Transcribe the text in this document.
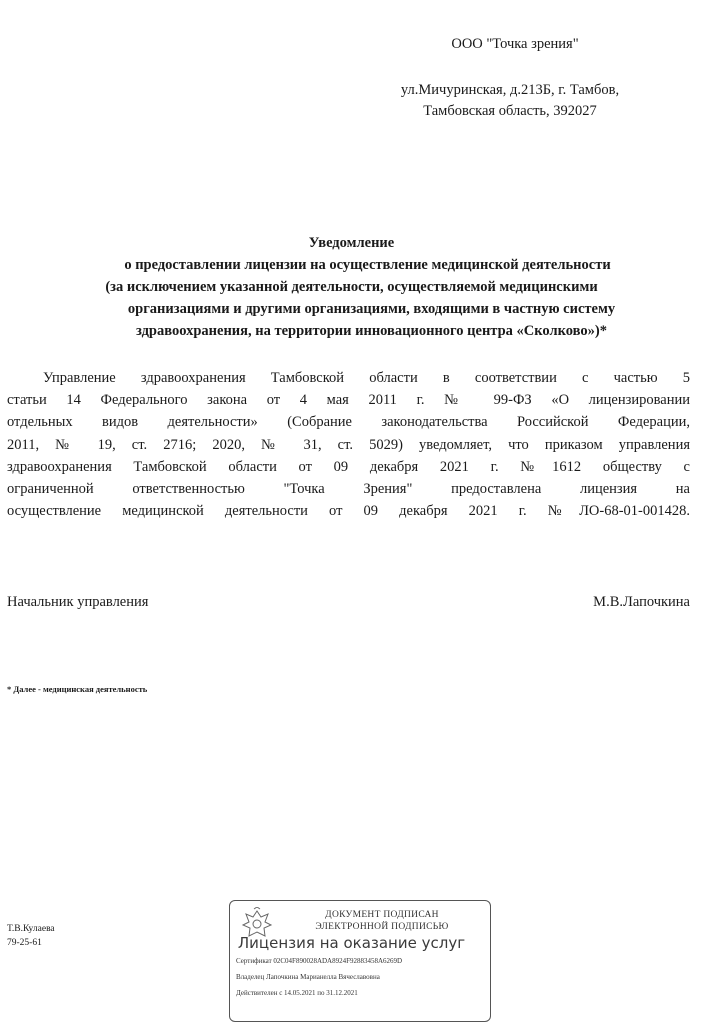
ООО "Точка зрения"
ул.Мичуринская, д.213Б, г. Тамбов,
Тамбовская область, 392027
Уведомление
о предоставлении лицензии на осуществление медицинской деятельности
(за исключением указанной деятельности, осуществляемой медицинскими
организациями и другими организациями, входящими в частную систему
здравоохранения, на территории инновационного центра «Сколково»)*
Управление здравоохранения Тамбовской области в соответствии с частью 5
статьи 14 Федерального закона от 4 мая 2011 г. № 99-ФЗ «О лицензировании
отдельных видов деятельности» (Собрание законодательства Российской Федерации,
2011, № 19, ст. 2716; 2020, № 31, ст. 5029) уведомляет, что приказом управления
здравоохранения Тамбовской области от 09 декабря 2021 г. №1612 обществу с
ограниченной ответственностью "Точка Зрения" предоставлена лицензия на
осуществление медицинской деятельности от 09 декабря 2021 г. №ЛО-68-01-001428.
Начальник управления	М.В.Лапочкина
* Далее - медицинская деятельность
Т.В.Кулаева
79-25-61
ДОКУМЕНТ ПОДПИСАН
ЭЛЕКТРОННОЙ ПОДПИСЬЮ
Сертификат 02C04F890028ADA8924F92883458A6269D
Владелец Лапочкина Марианелла Вячеславовна
Действителен с 14.05.2021 по 31.12.2021
Лицензия на оказание услуг
